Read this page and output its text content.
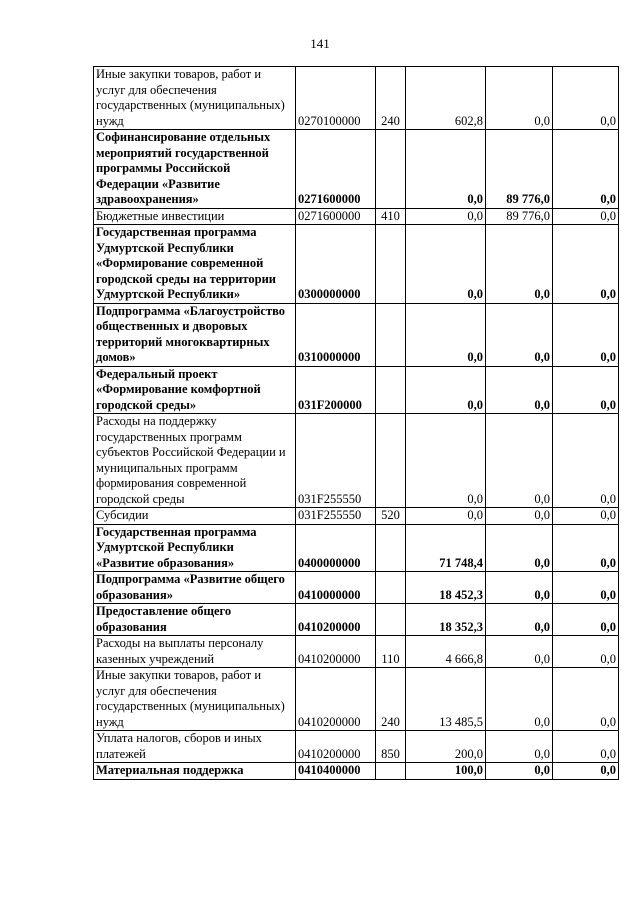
141
Иные закупки товаров, работ и услуг для обеспечения государственных (муниципальных) нужд	0270100000	240	602,8	0,0	0,0
Софинансирование отдельных мероприятий государственной программы Российской Федерации «Развитие здравоохранения»	0271600000		0,0	89 776,0	0,0
Бюджетные инвестиции	0271600000	410	0,0	89 776,0	0,0
Государственная программа Удмуртской Республики «Формирование современной городской среды на территории Удмуртской Республики»	0300000000		0,0	0,0	0,0
Подпрограмма «Благоустройство общественных и дворовых территорий многоквартирных домов»	0310000000		0,0	0,0	0,0
Федеральный проект «Формирование комфортной городской среды»	031F200000		0,0	0,0	0,0
Расходы на поддержку государственных программ субъектов Российской Федерации и муниципальных программ формирования современной городской среды	031F255550		0,0	0,0	0,0
Субсидии	031F255550	520	0,0	0,0	0,0
Государственная программа Удмуртской Республики «Развитие образования»	0400000000		71 748,4	0,0	0,0
Подпрограмма «Развитие общего образования»	0410000000		18 452,3	0,0	0,0
Предоставление общего образования	0410200000		18 352,3	0,0	0,0
Расходы на выплаты персоналу казенных учреждений	0410200000	110	4 666,8	0,0	0,0
Иные закупки товаров, работ и услуг для обеспечения государственных (муниципальных) нужд	0410200000	240	13 485,5	0,0	0,0
Уплата налогов, сборов и иных платежей	0410200000	850	200,0	0,0	0,0
Материальная поддержка	0410400000		100,0	0,0	0,0
